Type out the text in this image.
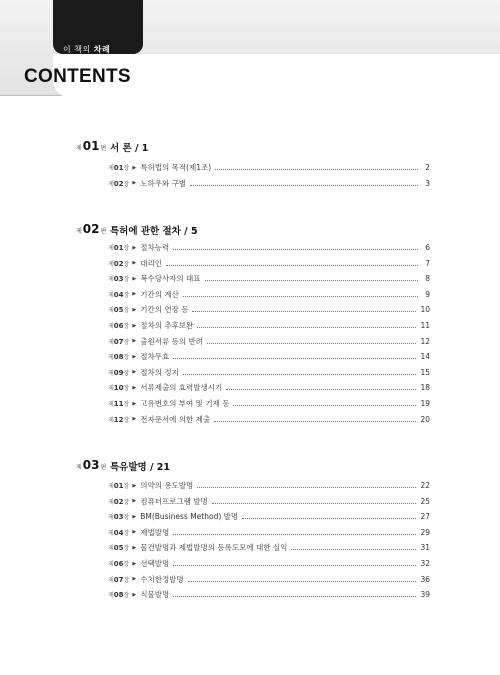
이 책의 차례
CONTENTS
제01편 서 론 / 1
제01장 ▶ 특허법의 목적(제1조)	2
제02장 ▶ 노하우와 구별	3
제02편 특허에 관한 절차 / 5
제01장 ▶ 절차능력	6
제02장 ▶ 대리인	7
제03장 ▶ 복수당사자의 대표	8
제04장 ▶ 기간의 계산	9
제05장 ▶ 기간의 연장 등	10
제06장 ▶ 절차의 추후보완	11
제07장 ▶ 출원서류 등의 반려	12
제08장 ▶ 절차무효	14
제09장 ▶ 절차의 정지	15
제10장 ▶ 서류제출의 효력발생시기	18
제11장 ▶ 고유번호의 부여 및 기재 등	19
제12장 ▶ 전자문서에 의한 제출	20
제03편 특유발명 / 21
제01장 ▶ 의약의 용도발명	22
제02장 ▶ 컴퓨터프로그램 발명	25
제03장 ▶ BM(Business Method) 발명	27
제04장 ▶ 제법발명	29
제05장 ▶ 물건발명과 제법발명의 등록도모에 대한 실익	31
제06장 ▶ 선택발명	32
제07장 ▶ 수치한정발명	36
제08장 ▶ 식물발명	39
